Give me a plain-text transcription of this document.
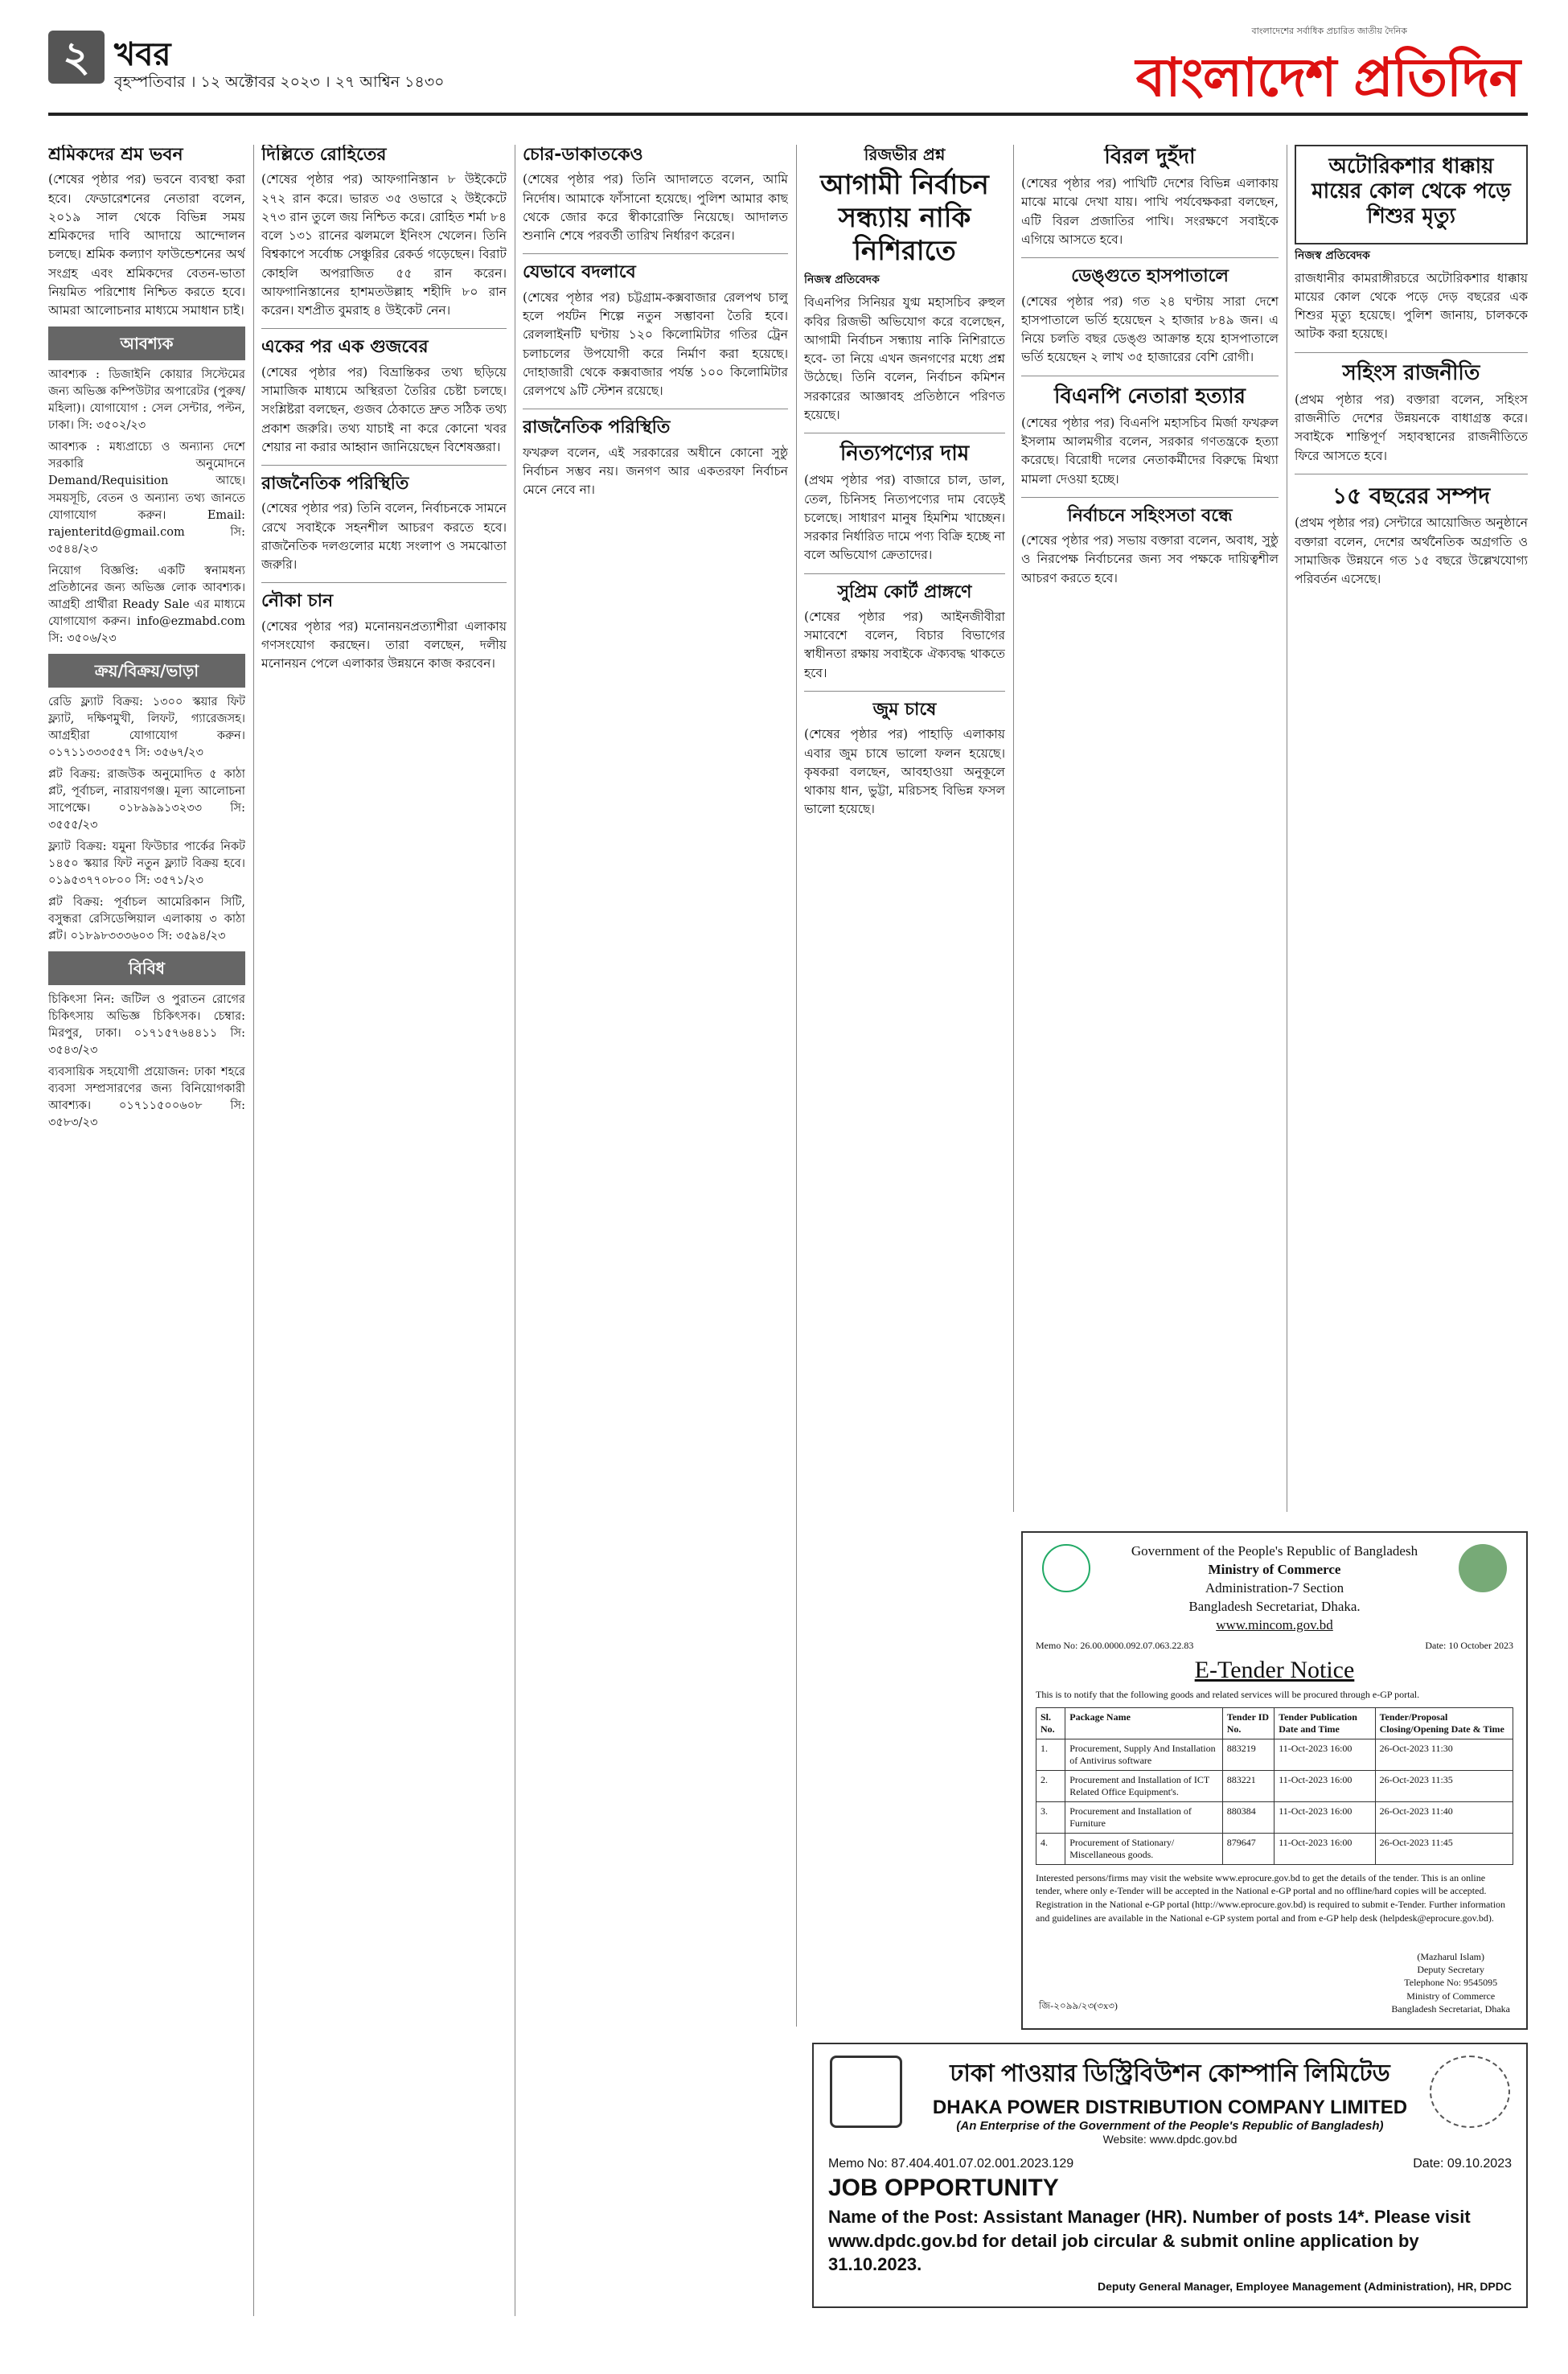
২ খবর
বৃহস্পতিবার । ১২ অক্টোবর ২০২৩ । ২৭ আশ্বিন ১৪৩০
বাংলাদেশের সর্বাধিক প্রচারিত জাতীয় দৈনিক
বাংলাদেশ প্রতিদিন
শ্রমিকদের শ্রম ভবন

(শেষের পৃষ্ঠার পর) ভবনে ব্যবস্থা করা হবে। ফেডারেশনের নেতারা বলেন, ২০১৯ সাল থেকে বিভিন্ন সময় শ্রমিকদের দাবি আদায়ে আন্দোলন চলছে। শ্রমিক কল্যাণ ফাউন্ডেশনের অর্থ সংগ্রহ এবং শ্রমিকদের বেতন-ভাতা নিয়মিত পরিশোধ নিশ্চিত করতে হবে। আমরা আলোচনার মাধ্যমে সমাধান চাই।

আবশ্যক

আবশ্যক : ডিজাইনি কোয়ার সিস্টেমের জন্য অভিজ্ঞ কম্পিউটার অপারেটর (পুরুষ/মহিলা)। যোগাযোগ : সেল সেন্টার, পল্টন, ঢাকা। সি: ৩৫০২/২৩

আবশ্যক : মধ্যপ্রাচ্যে ও অন্যান্য দেশে সরকারি অনুমোদনে Demand/Requisition আছে। সময়সূচি, বেতন ও অন্যান্য তথ্য জানতে যোগাযোগ করুন। Email: rajenteritd@gmail.com সি: ৩৫৪৪/২৩

নিয়োগ বিজ্ঞপ্তি: একটি স্বনামধন্য প্রতিষ্ঠানের জন্য অভিজ্ঞ লোক আবশ্যক। আগ্রহী প্রার্থীরা Ready Sale এর মাধ্যমে যোগাযোগ করুন। info@ezmabd.com সি: ৩৫০৬/২৩

ক্রয়/বিক্রয়/ভাড়া

রেডি ফ্ল্যাট বিক্রয়: ১৩০০ স্কয়ার ফিট ফ্ল্যাট, দক্ষিণমুখী, লিফট, গ্যারেজসহ। আগ্রহীরা যোগাযোগ করুন। ০১৭১১৩৩৩৫৫৭ সি: ৩৫৬৭/২৩

প্লট বিক্রয়: রাজউক অনুমোদিত ৫ কাঠা প্লট, পূর্বাচল, নারায়ণগঞ্জ। মূল্য আলোচনা সাপেক্ষে। ০১৮৯৯৯১৩২৩৩ সি: ৩৫৫৫/২৩

ফ্ল্যাট বিক্রয়: যমুনা ফিউচার পার্কের নিকট ১৪৫০ স্কয়ার ফিট নতুন ফ্ল্যাট বিক্রয় হবে। ০১৯৫৩৭৭০৮০০ সি: ৩৫৭১/২৩

প্লট বিক্রয়: পূর্বাচল আমেরিকান সিটি, বসুন্ধরা রেসিডেন্সিয়াল এলাকায় ৩ কাঠা প্লট। ০১৮৯৮৩৩৩৬০৩ সি: ৩৫৯৪/২৩

বিবিধ

চিকিৎসা নিন: জটিল ও পুরাতন রোগের চিকিৎসায় অভিজ্ঞ চিকিৎসক। চেম্বার: মিরপুর, ঢাকা। ০১৭১৫৭৬৪৪১১ সি: ৩৫৪৩/২৩

ব্যবসায়িক সহযোগী প্রয়োজন: ঢাকা শহরে ব্যবসা সম্প্রসারণের জন্য বিনিয়োগকারী আবশ্যক। ০১৭১১৫০০৬০৮ সি: ৩৫৮৩/২৩

দিল্লিতে রোহিতের

(শেষের পৃষ্ঠার পর) আফগানিস্তান ৮ উইকেটে ২৭২ রান করে। ভারত ৩৫ ওভারে ২ উইকেটে ২৭৩ রান তুলে জয় নিশ্চিত করে। রোহিত শর্মা ৮৪ বলে ১৩১ রানের ঝলমলে ইনিংস খেলেন। তিনি বিশ্বকাপে সর্বোচ্চ সেঞ্চুরির রেকর্ড গড়েছেন। বিরাট কোহলি অপরাজিত ৫৫ রান করেন। আফগানিস্তানের হাশমতউল্লাহ শহীদি ৮০ রান করেন। যশপ্রীত বুমরাহ ৪ উইকেট নেন।

একের পর এক গুজবের

(শেষের পৃষ্ঠার পর) বিভ্রান্তিকর তথ্য ছড়িয়ে সামাজিক মাধ্যমে অস্থিরতা তৈরির চেষ্টা চলছে। সংশ্লিষ্টরা বলছেন, গুজব ঠেকাতে দ্রুত সঠিক তথ্য প্রকাশ জরুরি। তথ্য যাচাই না করে কোনো খবর শেয়ার না করার আহ্বান জানিয়েছেন বিশেষজ্ঞরা।

রাজনৈতিক পরিস্থিতি

(শেষের পৃষ্ঠার পর) তিনি বলেন, নির্বাচনকে সামনে রেখে সবাইকে সহনশীল আচরণ করতে হবে। রাজনৈতিক দলগুলোর মধ্যে সংলাপ ও সমঝোতা জরুরি।

নৌকা চান

(শেষের পৃষ্ঠার পর) মনোনয়নপ্রত্যাশীরা এলাকায় গণসংযোগ করছেন। তারা বলছেন, দলীয় মনোনয়ন পেলে এলাকার উন্নয়নে কাজ করবেন।

চোর-ডাকাতকেও

(শেষের পৃষ্ঠার পর) তিনি আদালতে বলেন, আমি নির্দোষ। আমাকে ফাঁসানো হয়েছে। পুলিশ আমার কাছ থেকে জোর করে স্বীকারোক্তি নিয়েছে। আদালত শুনানি শেষে পরবর্তী তারিখ নির্ধারণ করেন।

যেভাবে বদলাবে

(শেষের পৃষ্ঠার পর) চট্টগ্রাম-কক্সবাজার রেলপথ চালু হলে পর্যটন শিল্পে নতুন সম্ভাবনা তৈরি হবে। রেললাইনটি ঘণ্টায় ১২০ কিলোমিটার গতির ট্রেন চলাচলের উপযোগী করে নির্মাণ করা হয়েছে। দোহাজারী থেকে কক্সবাজার পর্যন্ত ১০০ কিলোমিটার রেলপথে ৯টি স্টেশন রয়েছে।

রাজনৈতিক পরিস্থিতি

ফখরুল বলেন, এই সরকারের অধীনে কোনো সুষ্ঠু নির্বাচন সম্ভব নয়। জনগণ আর একতরফা নির্বাচন মেনে নেবে না।

রিজভীর প্রশ্ন
আগামী নির্বাচন সন্ধ্যায় নাকি নিশিরাতে
নিজস্ব প্রতিবেদক

বিএনপির সিনিয়র যুগ্ম মহাসচিব রুহুল কবির রিজভী অভিযোগ করে বলেছেন, আগামী নির্বাচন সন্ধ্যায় নাকি নিশিরাতে হবে- তা নিয়ে এখন জনগণের মধ্যে প্রশ্ন উঠেছে। তিনি বলেন, নির্বাচন কমিশন সরকারের আজ্ঞাবহ প্রতিষ্ঠানে পরিণত হয়েছে।

নিত্যপণ্যের দাম

(প্রথম পৃষ্ঠার পর) বাজারে চাল, ডাল, তেল, চিনিসহ নিত্যপণ্যের দাম বেড়েই চলেছে। সাধারণ মানুষ হিমশিম খাচ্ছেন। সরকার নির্ধারিত দামে পণ্য বিক্রি হচ্ছে না বলে অভিযোগ ক্রেতাদের।

সুপ্রিম কোর্ট প্রাঙ্গণে

(শেষের পৃষ্ঠার পর) আইনজীবীরা সমাবেশে বলেন, বিচার বিভাগের স্বাধীনতা রক্ষায় সবাইকে ঐক্যবদ্ধ থাকতে হবে।

জুম চাষে

(শেষের পৃষ্ঠার পর) পাহাড়ি এলাকায় এবার জুম চাষে ভালো ফলন হয়েছে। কৃষকরা বলছেন, আবহাওয়া অনুকূলে থাকায় ধান, ভুট্টা, মরিচসহ বিভিন্ন ফসল ভালো হয়েছে।

বিরল দুহঁদা

(শেষের পৃষ্ঠার পর) পাখিটি দেশের বিভিন্ন এলাকায় মাঝে মাঝে দেখা যায়। পাখি পর্যবেক্ষকরা বলছেন, এটি বিরল প্রজাতির পাখি। সংরক্ষণে সবাইকে এগিয়ে আসতে হবে।

ডেঙ্গুতে হাসপাতালে

(শেষের পৃষ্ঠার পর) গত ২৪ ঘণ্টায় সারা দেশে হাসপাতালে ভর্তি হয়েছেন ২ হাজার ৮৪৯ জন। এ নিয়ে চলতি বছর ডেঙ্গু আক্রান্ত হয়ে হাসপাতালে ভর্তি হয়েছেন ২ লাখ ৩৫ হাজারের বেশি রোগী।

বিএনপি নেতারা হত্যার

(শেষের পৃষ্ঠার পর) বিএনপি মহাসচিব মির্জা ফখরুল ইসলাম আলমগীর বলেন, সরকার গণতন্ত্রকে হত্যা করেছে। বিরোধী দলের নেতাকর্মীদের বিরুদ্ধে মিথ্যা মামলা দেওয়া হচ্ছে।

নির্বাচনে সহিংসতা বন্ধে

(শেষের পৃষ্ঠার পর) সভায় বক্তারা বলেন, অবাধ, সুষ্ঠু ও নিরপেক্ষ নির্বাচনের জন্য সব পক্ষকে দায়িত্বশীল আচরণ করতে হবে।

অটোরিকশার ধাক্কায় মায়ের কোল থেকে পড়ে শিশুর মৃত্যু
নিজস্ব প্রতিবেদক

রাজধানীর কামরাঙ্গীরচরে অটোরিকশার ধাক্কায় মায়ের কোল থেকে পড়ে দেড় বছরের এক শিশুর মৃত্যু হয়েছে। পুলিশ জানায়, চালককে আটক করা হয়েছে।

সহিংস রাজনীতি

(প্রথম পৃষ্ঠার পর) বক্তারা বলেন, সহিংস রাজনীতি দেশের উন্নয়নকে বাধাগ্রস্ত করে। সবাইকে শান্তিপূর্ণ সহাবস্থানের রাজনীতিতে ফিরে আসতে হবে।

১৫ বছরের সম্পদ

(প্রথম পৃষ্ঠার পর) সেন্টারে আয়োজিত অনুষ্ঠানে বক্তারা বলেন, দেশের অর্থনৈতিক অগ্রগতি ও সামাজিক উন্নয়নে গত ১৫ বছরে উল্লেখযোগ্য পরিবর্তন এসেছে।

Government of the People's Republic of Bangladesh
Ministry of Commerce
Administration-7 Section
Bangladesh Secretariat, Dhaka.
www.mincom.gov.bd
Memo No: 26.00.0000.092.07.063.22.83	Date: 10 October 2023
E-Tender Notice
This is to notify that the following goods and related services will be procured through e-GP portal.
Sl. No.	Package Name	Tender ID No.	Tender Publication Date and Time	Tender/Proposal Closing/Opening Date & Time
1.	Procurement, Supply And Installation of Antivirus software	883219	11-Oct-2023 16:00	26-Oct-2023 11:30
2.	Procurement and Installation of ICT Related Office Equipment's.	883221	11-Oct-2023 16:00	26-Oct-2023 11:35
3.	Procurement and Installation of Furniture	880384	11-Oct-2023 16:00	26-Oct-2023 11:40
4.	Procurement of Stationary/ Miscellaneous goods.	879647	11-Oct-2023 16:00	26-Oct-2023 11:45
Interested persons/firms may visit the website www.eprocure.gov.bd to get the details of the tender. This is an online tender, where only e-Tender will be accepted in the National e-GP portal and no offline/hard copies will be accepted. Registration in the National e-GP portal (http://www.eprocure.gov.bd) is required to submit e-Tender. Further information and guidelines are available in the National e-GP system portal and from e-GP help desk (helpdesk@eprocure.gov.bd).
জি-২০৯৯/২৩(৩x৩)
(Mazharul Islam)
Deputy Secretary
Telephone No: 9545095
Ministry of Commerce
Bangladesh Secretariat, Dhaka
ঢাকা পাওয়ার ডিস্ট্রিবিউশন কোম্পানি লিমিটেড
DHAKA POWER DISTRIBUTION COMPANY LIMITED
(An Enterprise of the Government of the People's Republic of Bangladesh)
Website: www.dpdc.gov.bd
Memo No: 87.404.401.07.02.001.2023.129	Date: 09.10.2023
JOB OPPORTUNITY
Name of the Post: Assistant Manager (HR). Number of posts 14*. Please visit www.dpdc.gov.bd for detail job circular & submit online application by 31.10.2023.
Deputy General Manager, Employee Management (Administration), HR, DPDC
